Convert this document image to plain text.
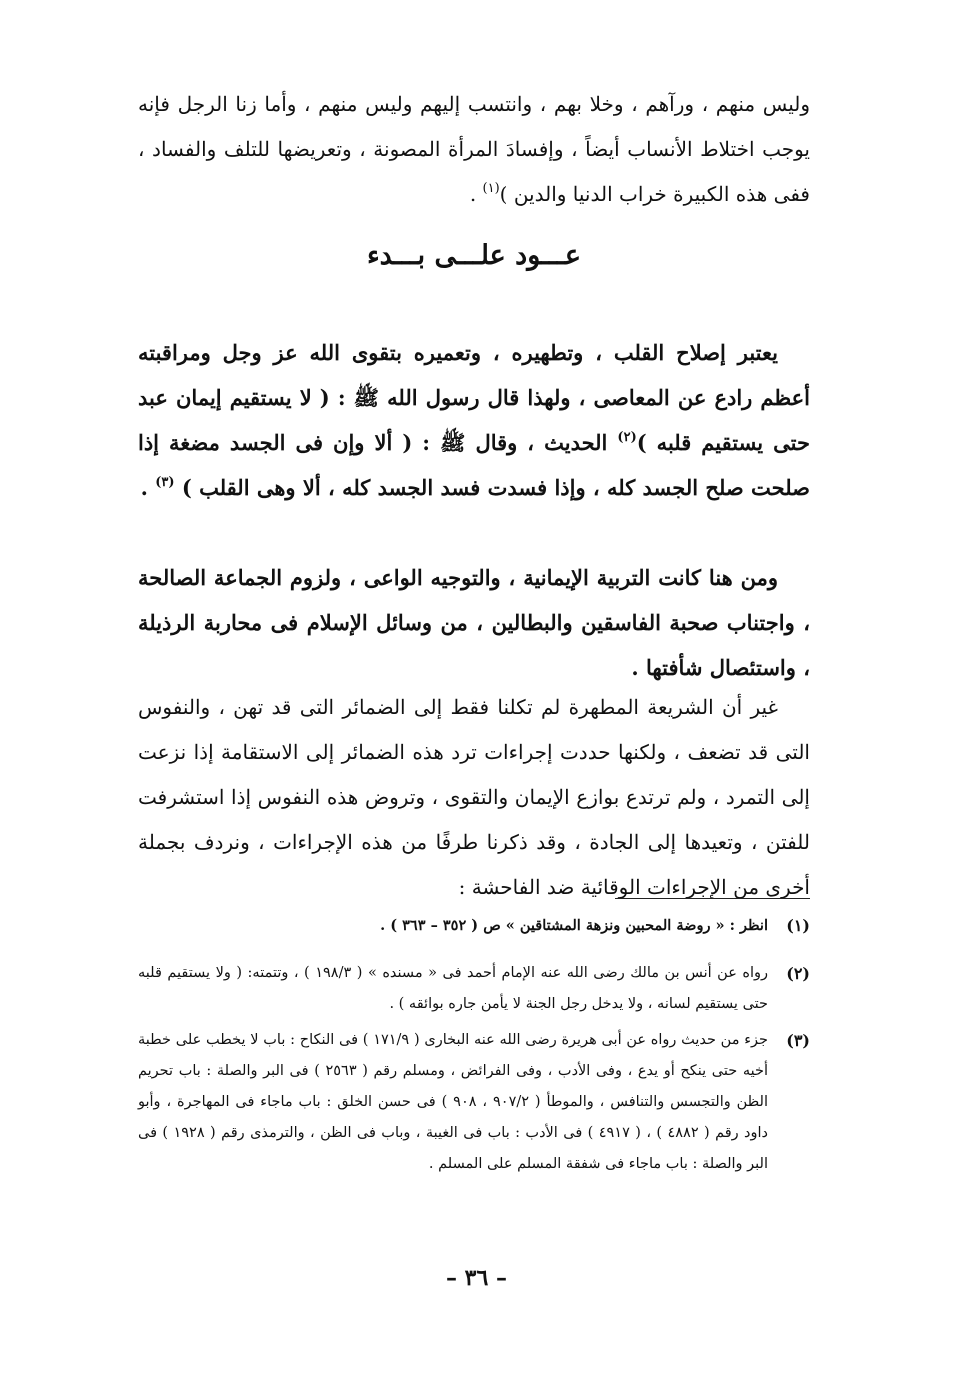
وليس منهم ، ورآهم ، وخلا بهم ، وانتسب إليهم وليس منهم ، وأما زنا الرجل فإنه يوجب اختلاط الأنساب أيضاً ، وإفسادَ المرأة المصونة ، وتعريضها للتلف والفساد ، ففى هذه الكبيرة خراب الدنيا والدين )$^{(١)}$ .

عـــود علـــى بـــدء

يعتبر إصلاح القلب ، وتطهيره ، وتعميره بتقوى الله عز وجل ومراقبته أعظم رادع عن المعاصى ، ولهذا قال رسول الله ﷺ : ( لا يستقيم إيمان عبد حتى يستقيم قلبه )$^{(٢)}$ الحديث ، وقال ﷺ : ( ألا وإن فى الجسد مضغة إذا صلحت صلح الجسد كله ، وإذا فسدت فسد الجسد كله ، ألا وهى القلب ) $^{(٣)}$ .

ومن هنا كانت التربية الإيمانية ، والتوجيه الواعى ، ولزوم الجماعة الصالحة ، واجتناب صحبة الفاسقين والبطالين ، من وسائل الإسلام فى محاربة الرذيلة ، واستئصال شأفتها .

غير أن الشريعة المطهرة لم تكلنا فقط إلى الضمائر التى قد تهن ، والنفوس التى قد تضعف ، ولكنها حددت إجراءات ترد هذه الضمائر إلى الاستقامة إذا نزعت إلى التمرد ، ولم ترتدع بوازع الإيمان والتقوى ، وتروض هذه النفوس إذا استشرفت للفتن ، وتعيدها إلى الجادة ، وقد ذكرنا طرفًا من هذه الإجراءات ، ونردف بجملة أخرى من الإجراءات الوقائية ضد الفاحشة :

(١)
انظر : « روضة المحبين ونزهة المشتاقين » ص ( ٣٥٢ – ٣٦٣ ) .
(٢)
رواه عن أنس بن مالك رضى الله عنه الإمام أحمد فى « مسنده » ( ١٩٨/٣ ) ، وتتمته: ( ولا يستقيم قلبه حتى يستقيم لسانه ، ولا يدخل رجل الجنة لا يأمن جاره بوائقه ) .
(٣)
جزء من حديث رواه عن أبى هريرة رضى الله عنه البخارى ( ١٧١/٩ ) فى النكاح : باب لا يخطب على خطبة أخيه حتى ينكح أو يدع ، وفى الأدب ، وفى الفرائض ، ومسلم رقم ( ٢٥٦٣ ) فى البر والصلة : باب تحريم الظن والتجسس والتنافس ، والموطأ ( ٩٠٧/٢ ، ٩٠٨ ) فى حسن الخلق : باب ماجاء فى المهاجرة ، وأبو داود رقم ( ٤٨٨٢ ) ، ( ٤٩١٧ ) فى الأدب : باب فى الغيبة ، وباب فى الظن ، والترمذى رقم ( ١٩٢٨ ) فى البر والصلة : باب ماجاء فى شفقة المسلم على المسلم .
– ٣٦ –
